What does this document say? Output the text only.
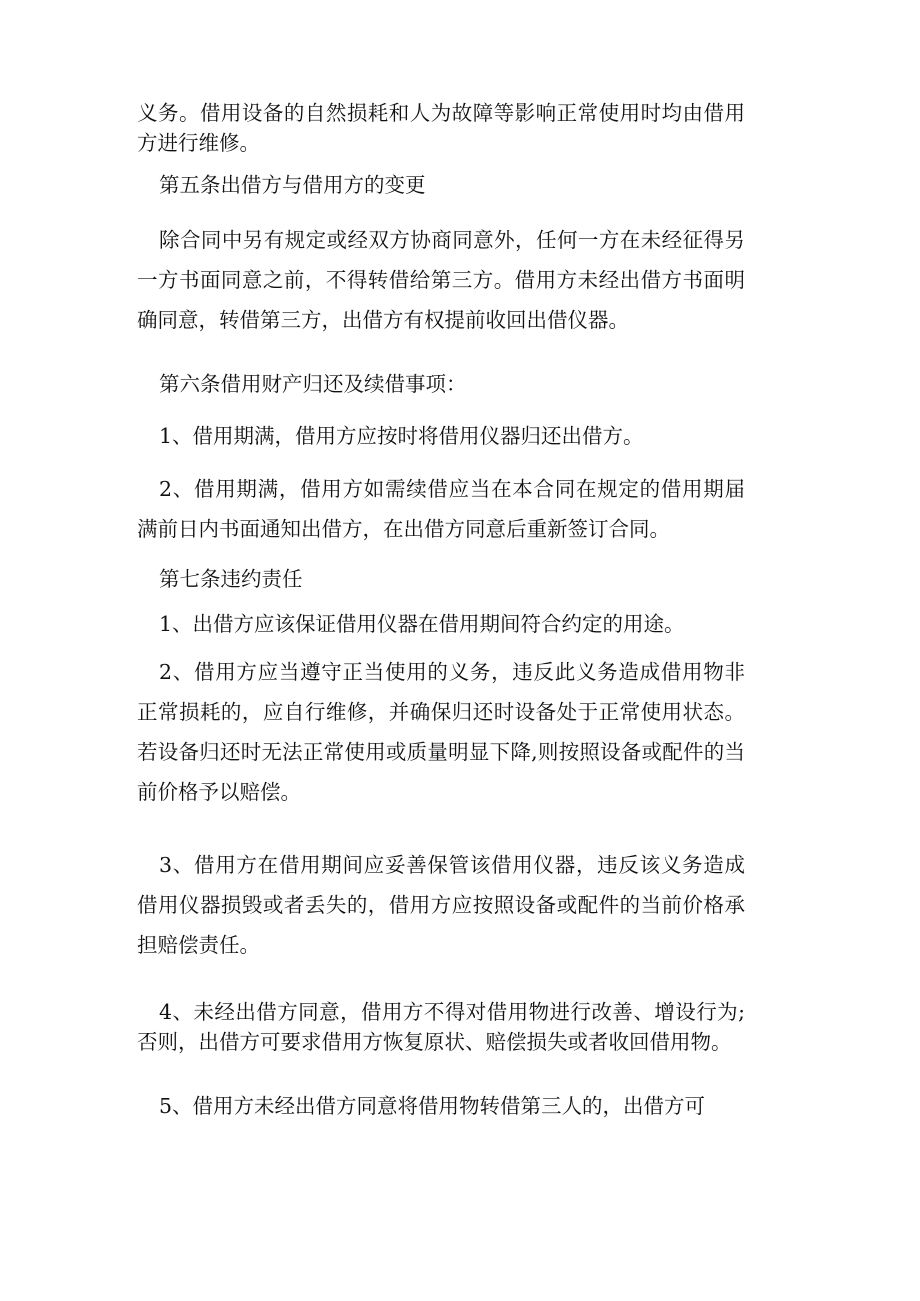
义务。借用设备的自然损耗和人为故障等影响正常使用时均由借用方进行维修。

第五条出借方与借用方的变更

除合同中另有规定或经双方协商同意外，任何一方在未经征得另一方书面同意之前，不得转借给第三方。借用方未经出借方书面明确同意，转借第三方，出借方有权提前收回出借仪器。

第六条借用财产归还及续借事项：

1、借用期满，借用方应按时将借用仪器归还出借方。

2、借用期满，借用方如需续借应当在本合同在规定的借用期届满前日内书面通知出借方，在出借方同意后重新签订合同。

第七条违约责任

1、出借方应该保证借用仪器在借用期间符合约定的用途。

2、借用方应当遵守正当使用的义务，违反此义务造成借用物非正常损耗的，应自行维修，并确保归还时设备处于正常使用状态。若设备归还时无法正常使用或质量明显下降,则按照设备或配件的当前价格予以赔偿。

3、借用方在借用期间应妥善保管该借用仪器，违反该义务造成借用仪器损毁或者丢失的，借用方应按照设备或配件的当前价格承担赔偿责任。

4、未经出借方同意，借用方不得对借用物进行改善、增设行为;否则，出借方可要求借用方恢复原状、赔偿损失或者收回借用物。

5、借用方未经出借方同意将借用物转借第三人的，出借方可
